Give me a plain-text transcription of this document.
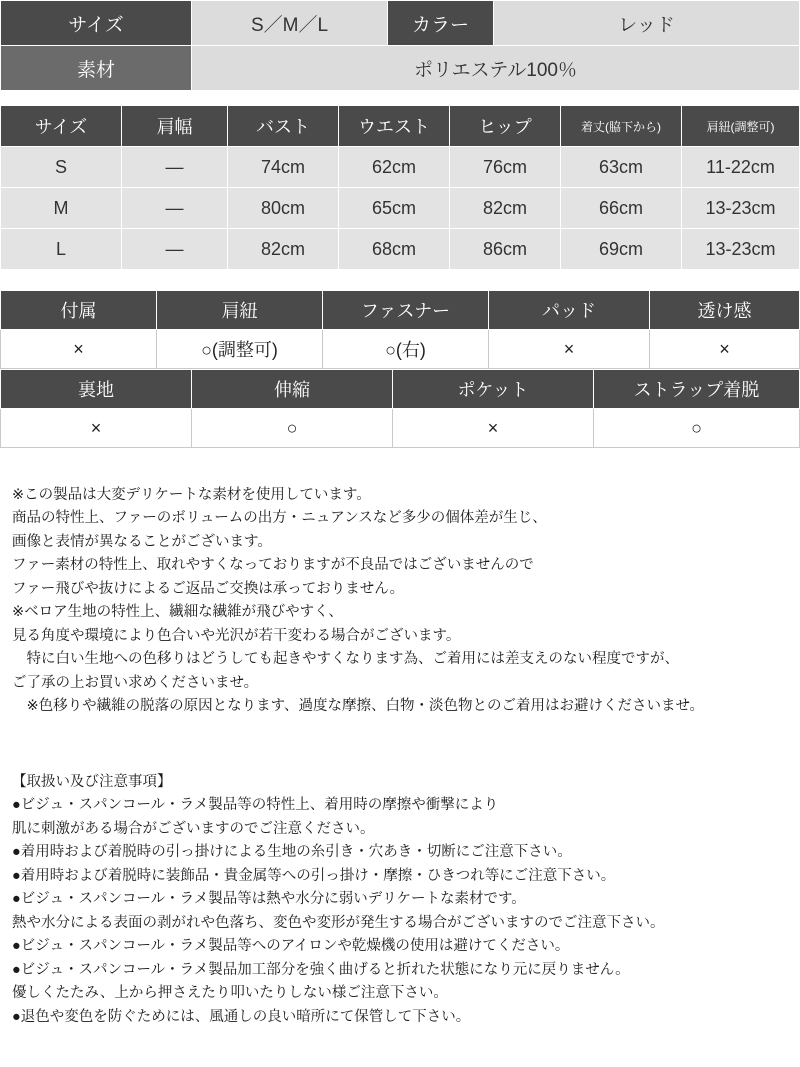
サイズ	S／M／L	カラー	レッド
素材	ポリエステル100％		
サイズ	肩幅	バスト	ウエスト	ヒップ	着丈(脇下から)	肩紐(調整可)
S	—	74cm	62cm	76cm	63cm	11-22cm
M	—	80cm	65cm	82cm	66cm	13-23cm
L	—	82cm	68cm	86cm	69cm	13-23cm
付属	肩紐	ファスナー	パッド	透け感
×	○(調整可)	○(右)	×	×
裏地	伸縮	ポケット	ストラップ着脱
×	○	×	○

※この製品は大変デリケートな素材を使用しています。

商品の特性上、ファーのボリュームの出方・ニュアンスなど多少の個体差が生じ、

画像と表情が異なることがございます。

ファー素材の特性上、取れやすくなっておりますが不良品ではございませんので

ファー飛びや抜けによるご返品ご交換は承っておりません。

※ベロア生地の特性上、繊細な繊維が飛びやすく、

見る角度や環境により色合いや光沢が若干変わる場合がございます。

　特に白い生地への色移りはどうしても起きやすくなります為、ご着用には差支えのない程度ですが、

ご了承の上お買い求めくださいませ。

　※色移りや繊維の脱落の原因となります、過度な摩擦、白物・淡色物とのご着用はお避けくださいませ。

【取扱い及び注意事項】

●ビジュ・スパンコール・ラメ製品等の特性上、着用時の摩擦や衝撃により

肌に刺激がある場合がございますのでご注意ください。

●着用時および着脱時の引っ掛けによる生地の糸引き・穴あき・切断にご注意下さい。

●着用時および着脱時に装飾品・貴金属等への引っ掛け・摩擦・ひきつれ等にご注意下さい。

●ビジュ・スパンコール・ラメ製品等は熱や水分に弱いデリケートな素材です。

熱や水分による表面の剥がれや色落ち、変色や変形が発生する場合がございますのでご注意下さい。

●ビジュ・スパンコール・ラメ製品等へのアイロンや乾燥機の使用は避けてください。

●ビジュ・スパンコール・ラメ製品加工部分を強く曲げると折れた状態になり元に戻りません。

優しくたたみ、上から押さえたり叩いたりしない様ご注意下さい。

●退色や変色を防ぐためには、風通しの良い暗所にて保管して下さい。
